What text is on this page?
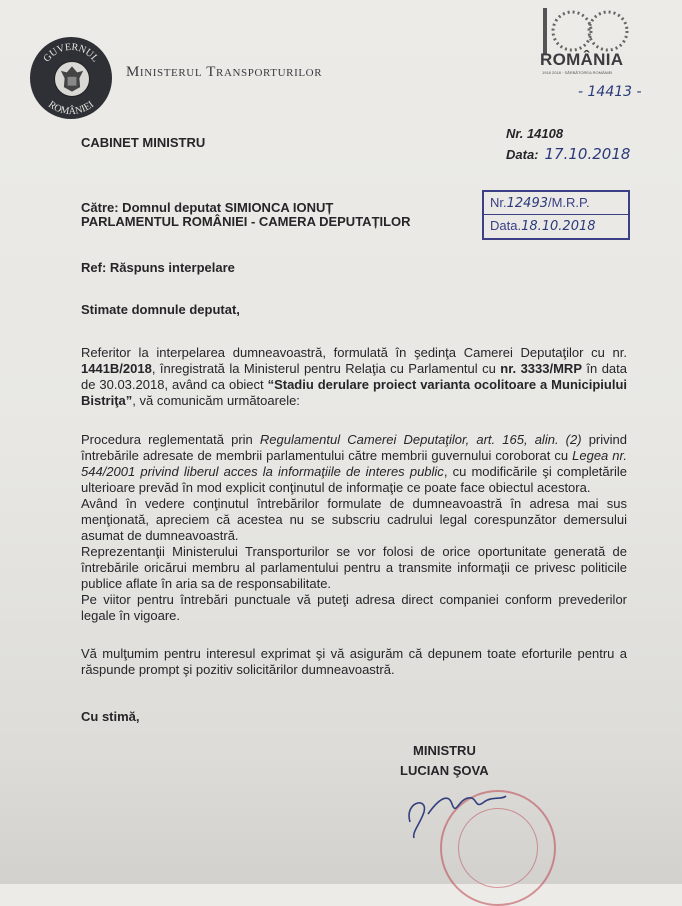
GUVERNUL
ROMÂNIEI
Ministerul Transporturilor
ROMÂNIA
1918 2018 · SĂRBĂTOREA ROMÂNIEI
- 14413 -
CABINET MINISTRU
Nr. 14108
Data: 17.10.2018
Către: Domnul deputat SIMIONCA IONUȚ
PARLAMENTUL ROMÂNIEI - CAMERA DEPUTAȚILOR
Nr.12493/M.R.P.
Data.18.10.2018
Ref: Răspuns interpelare
Stimate domnule deputat,

Referitor la interpelarea dumneavoastră, formulată în şedinţa Camerei Deputaţilor cu nr. 1441B/2018, înregistrată la Ministerul pentru Relaţia cu Parlamentul cu nr. 3333/MRP în data de 30.03.2018, având ca obiect “Stadiu derulare proiect varianta ocolitoare a Municipiului Bistriţa”, vă comunicăm următoarele:

Procedura reglementată prin Regulamentul Camerei Deputaţilor, art. 165, alin. (2) privind întrebările adresate de membrii parlamentului către membrii guvernului coroborat cu Legea nr. 544/2001 privind liberul acces la informaţiile de interes public, cu modificările şi completările ulterioare prevăd în mod explicit conţinutul de informaţie ce poate face obiectul acestora.
Având în vedere conţinutul întrebărilor formulate de dumneavoastră în adresa mai sus menţionată, apreciem că acestea nu se subscriu cadrului legal corespunzător demersului asumat de dumneavoastră.
Reprezentanţii Ministerului Transporturilor se vor folosi de orice oportunitate generată de întrebările oricărui membru al parlamentului pentru a transmite informaţii ce privesc politicile publice aflate în aria sa de responsabilitate.
Pe viitor pentru întrebări punctuale vă puteţi adresa direct companiei conform prevederilor legale în vigoare.

Vă mulţumim pentru interesul exprimat şi vă asigurăm că depunem toate eforturile pentru a răspunde prompt şi pozitiv solicitărilor dumneavoastră.

Cu stimă,
MINISTRU
LUCIAN ŞOVA
